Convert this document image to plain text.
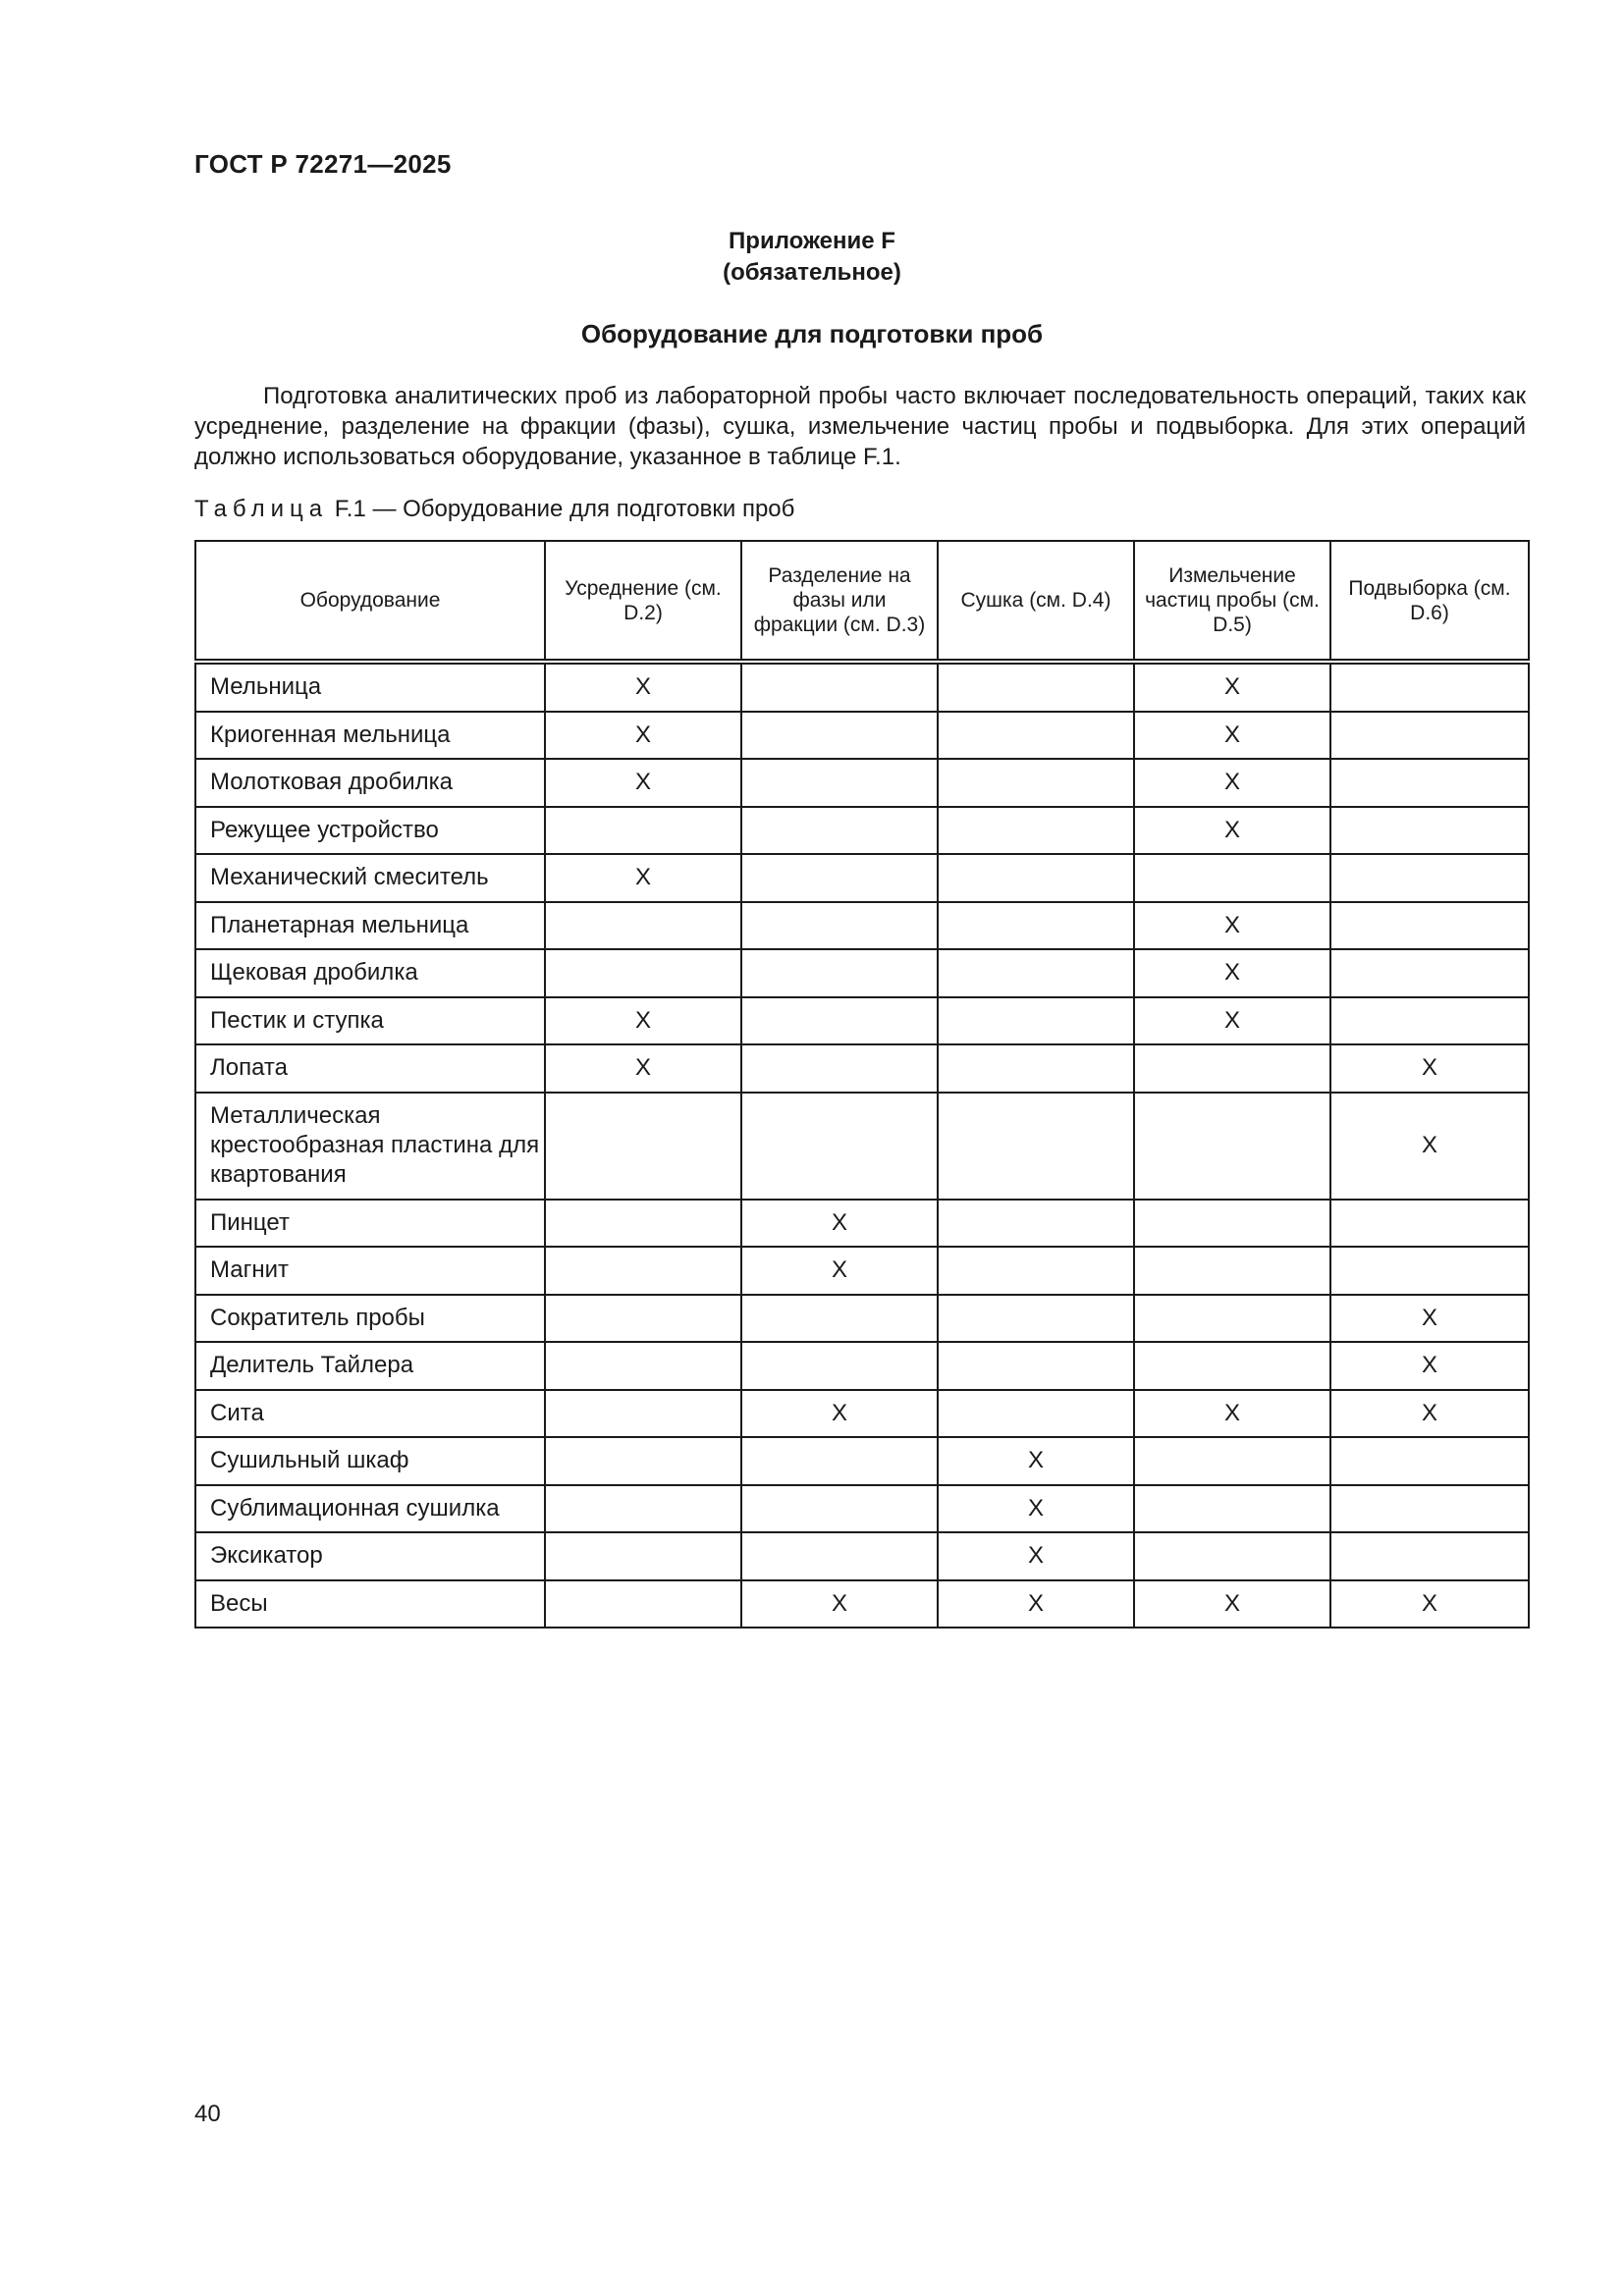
ГОСТ Р 72271—2025
Приложение F
(обязательное)
Оборудование для подготовки проб

Подготовка аналитических проб из лабораторной пробы часто включает последовательность операций, таких как усреднение, разделение на фракции (фазы), сушка, измельчение частиц пробы и подвыборка. Для этих операций должно использоваться оборудование, указанное в таблице F.1.

Таблица F.1 — Оборудование для подготовки проб
Оборудование	Усреднение (см. D.2)	Разделение на фазы или фракции (см. D.3)	Сушка (см. D.4)	Измельчение частиц пробы (см. D.5)	Подвыборка (см. D.6)
Мельница	X			X	
Криогенная мельница	X			X	
Молотковая дробилка	X			X	
Режущее устройство				X	
Механический смеситель	X				
Планетарная мельница				X	
Щековая дробилка				X	
Пестик и ступка	X			X	
Лопата	X				X
Металлическая крестообразная пластина для квартования					X
Пинцет		X			
Магнит		X			
Сократитель пробы					X
Делитель Тайлера					X
Сита		X		X	X
Сушильный шкаф			X		
Сублимационная сушилка			X		
Эксикатор			X		
Весы		X	X	X	X
40
